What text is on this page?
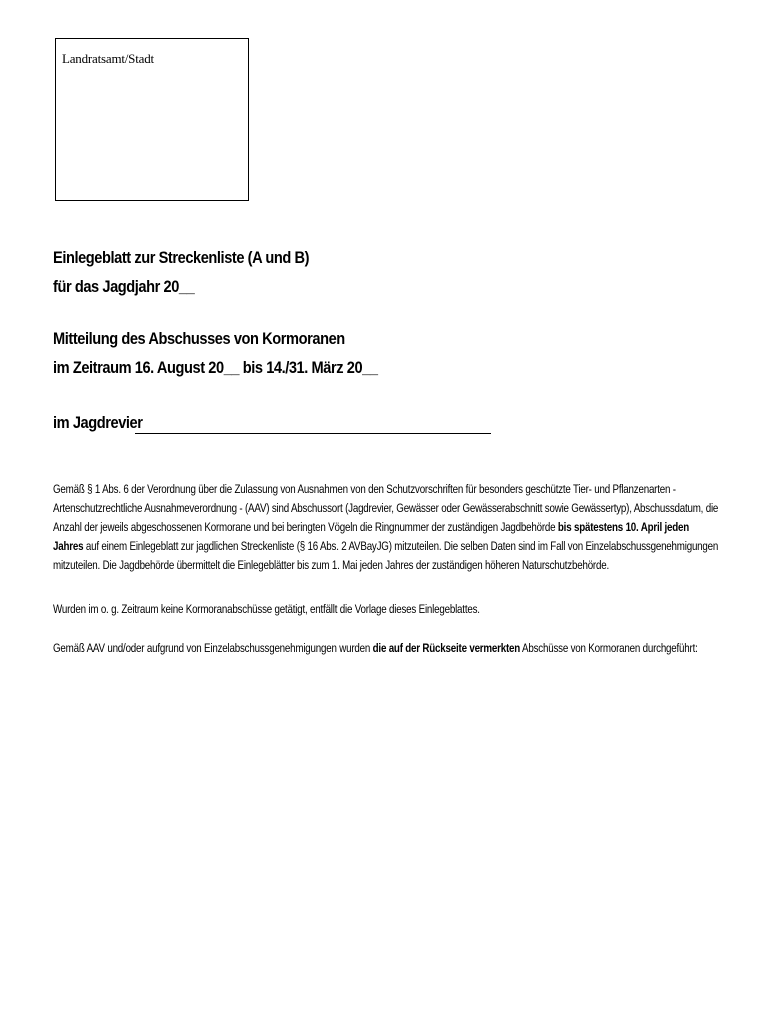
Landratsamt/Stadt
Einlegeblatt zur Streckenliste (A und B)
für das Jagdjahr 20__
Mitteilung des Abschusses von Kormoranen
im Zeitraum 16. August 20__ bis 14./31. März 20__
im Jagdrevier
Gemäß § 1 Abs. 6 der Verordnung über die Zulassung von Ausnahmen von den Schutzvorschriften für besonders geschützte Tier- und Pflanzenarten -
Artenschutzrechtliche Ausnahmeverordnung - (AAV) sind Abschussort (Jagdrevier, Gewässer oder Gewässerabschnitt sowie Gewässertyp), Abschussdatum, die
Anzahl der jeweils abgeschossenen Kormorane und bei beringten Vögeln die Ringnummer der zuständigen Jagdbehörde bis spätestens 10. April jeden
Jahres auf einem Einlegeblatt zur jagdlichen Streckenliste (§ 16 Abs. 2 AVBayJG) mitzuteilen. Die selben Daten sind im Fall von Einzelabschussgenehmigungen
mitzuteilen. Die Jagdbehörde übermittelt die Einlegeblätter bis zum 1. Mai jeden Jahres der zuständigen höheren Naturschutzbehörde.
Wurden im o. g. Zeitraum keine Kormoranabschüsse getätigt, entfällt die Vorlage dieses Einlegeblattes.
Gemäß AAV und/oder aufgrund von Einzelabschussgenehmigungen wurden die auf der Rückseite vermerkten Abschüsse von Kormoranen durchgeführt:
